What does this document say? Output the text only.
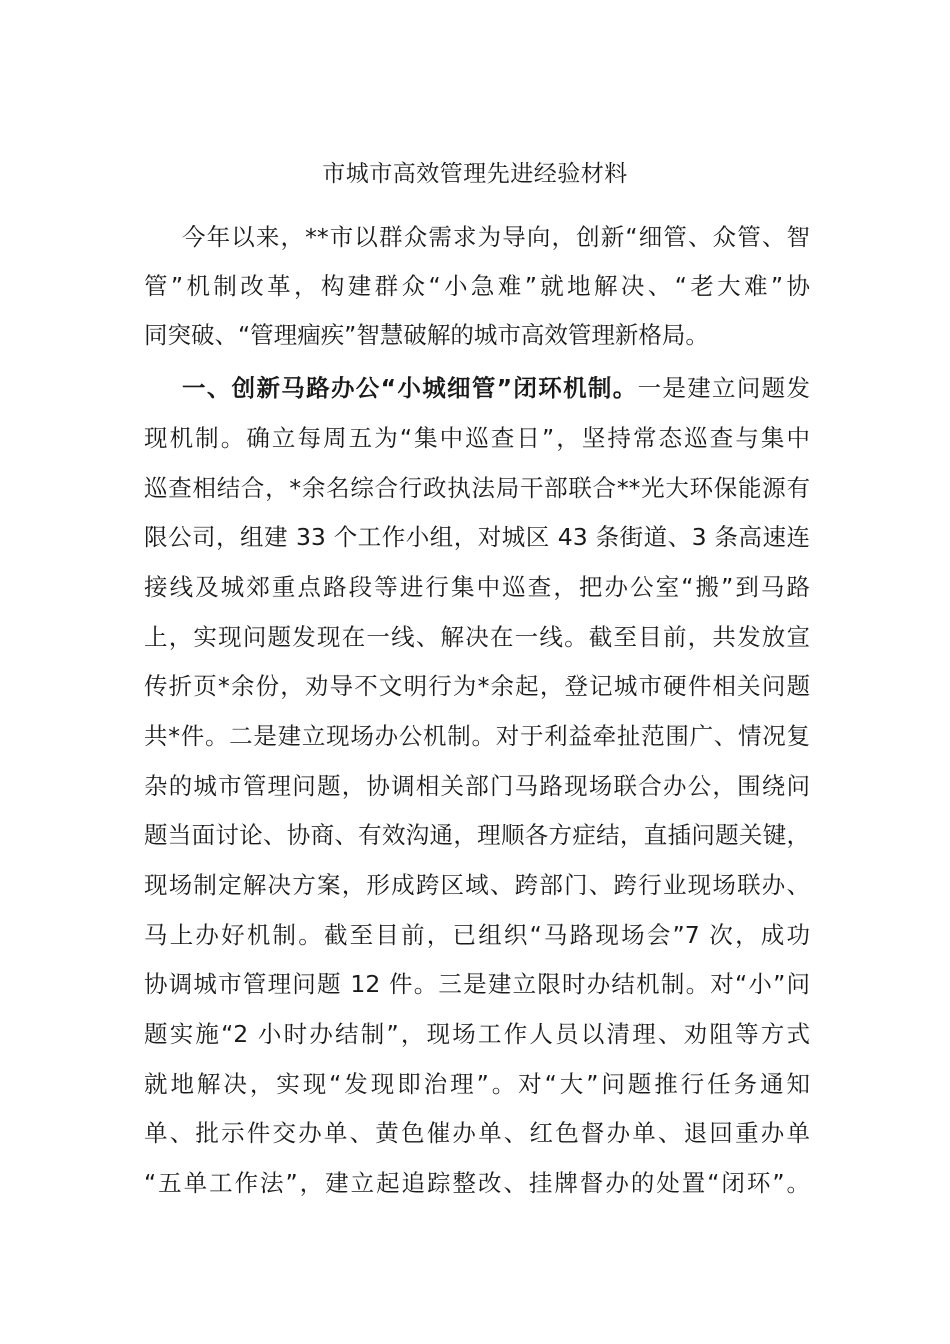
市城市高效管理先进经验材料
今年以来，**市以群众需求为导向，创新“细管、众管、智
管”机制改革，构建群众“小急难”就地解决、“老大难”协
同突破、“管理痼疾”智慧破解的城市高效管理新格局。
一、创新马路办公“小城细管”闭环机制。一是建立问题发
现机制。确立每周五为“集中巡查日”，坚持常态巡查与集中
巡查相结合，*余名综合行政执法局干部联合**光大环保能源有
限公司，组建 33 个工作小组，对城区 43 条街道、3 条高速连
接线及城郊重点路段等进行集中巡查，把办公室“搬”到马路
上，实现问题发现在一线、解决在一线。截至目前，共发放宣
传折页*余份，劝导不文明行为*余起，登记城市硬件相关问题
共*件。二是建立现场办公机制。对于利益牵扯范围广、情况复
杂的城市管理问题，协调相关部门马路现场联合办公，围绕问
题当面讨论、协商、有效沟通，理顺各方症结，直插问题关键，
现场制定解决方案，形成跨区域、跨部门、跨行业现场联办、
马上办好机制。截至目前，已组织“马路现场会”7 次，成功
协调城市管理问题 12 件。三是建立限时办结机制。对“小”问
题实施“2 小时办结制”，现场工作人员以清理、劝阻等方式
就地解决，实现“发现即治理”。对“大”问题推行任务通知
单、批示件交办单、黄色催办单、红色督办单、退回重办单
“五单工作法”，建立起追踪整改、挂牌督办的处置“闭环”。
